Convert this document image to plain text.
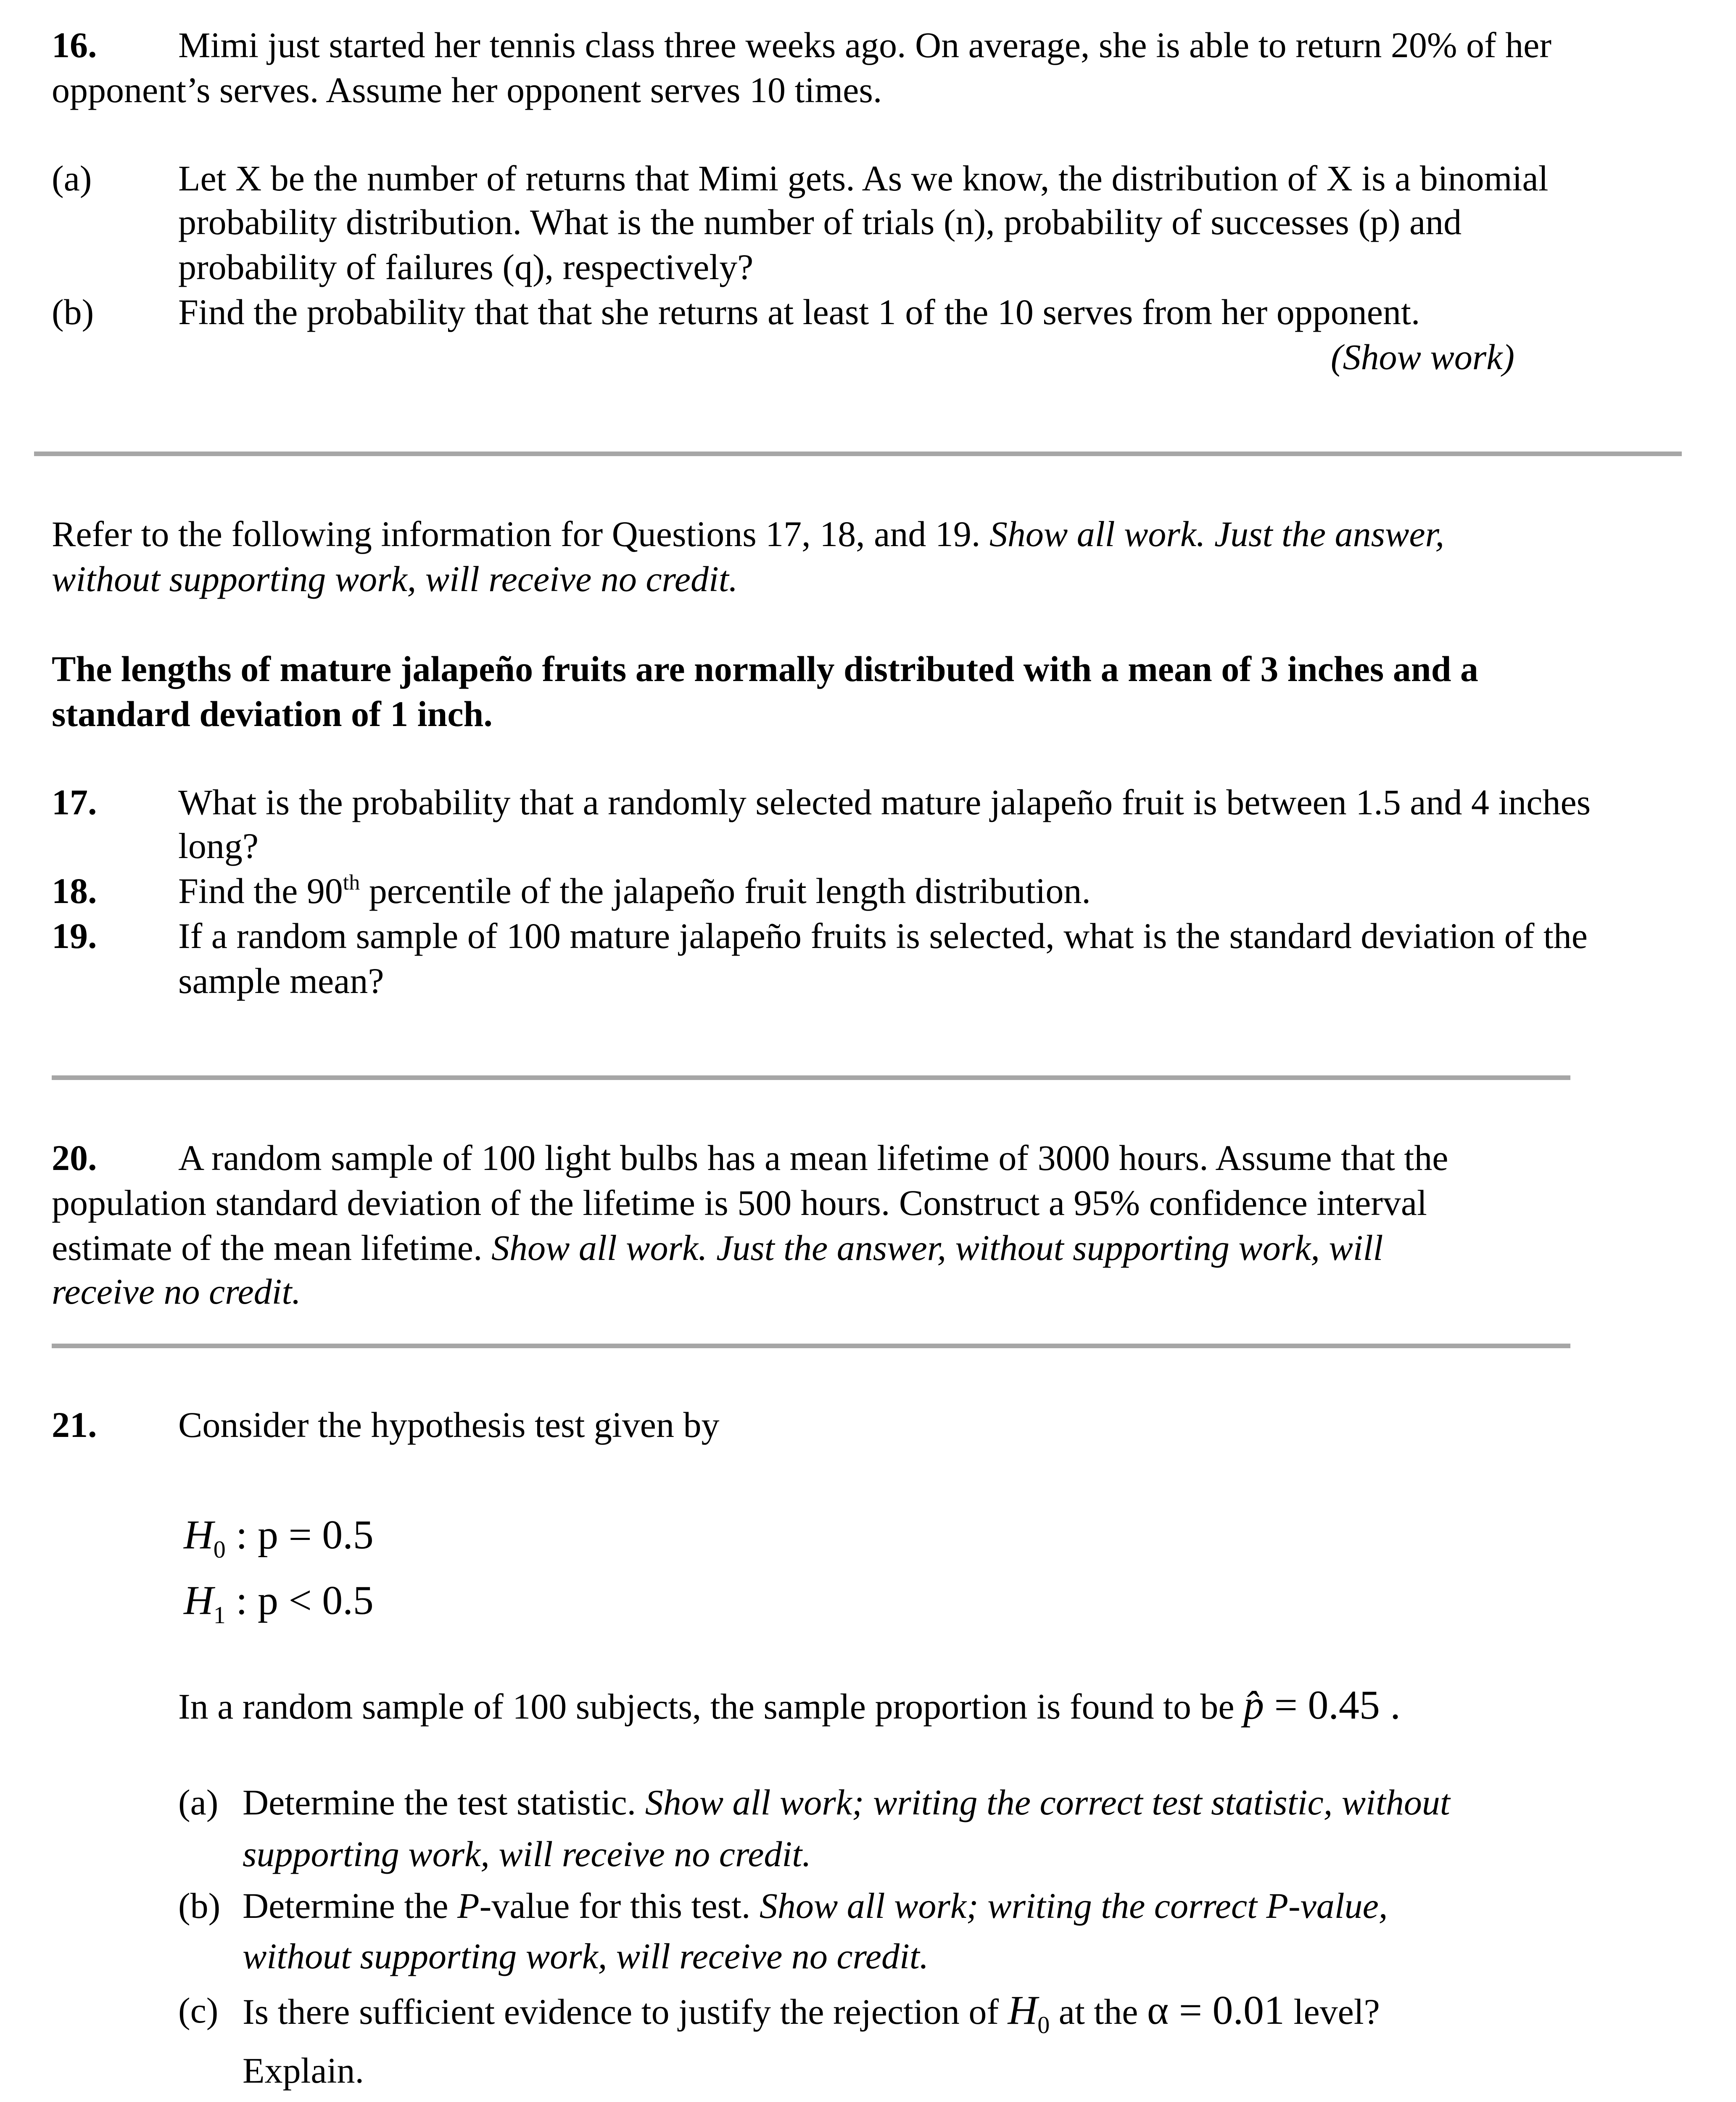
16. Mimi just started her tennis class three weeks ago. On average, she is able to return 20% of her
opponent’s serves. Assume her opponent serves 10 times.
(a) Let X be the number of returns that Mimi gets. As we know, the distribution of X is a binomial
probability distribution. What is the number of trials (n), probability of successes (p) and
probability of failures (q), respectively?
(b) Find the probability that that she returns at least 1 of the 10 serves from her opponent.
(Show work)
Refer to the following information for Questions 17, 18, and 19. Show all work. Just the answer,
without supporting work, will receive no credit.
The lengths of mature jalapeño fruits are normally distributed with a mean of 3 inches and a
standard deviation of 1 inch.
17. What is the probability that a randomly selected mature jalapeño fruit is between 1.5 and 4 inches
long?
18. Find the 90th percentile of the jalapeño fruit length distribution.
19. If a random sample of 100 mature jalapeño fruits is selected, what is the standard deviation of the
sample mean?
20. A random sample of 100 light bulbs has a mean lifetime of 3000 hours. Assume that the
population standard deviation of the lifetime is 500 hours. Construct a 95% confidence interval
estimate of the mean lifetime. Show all work. Just the answer, without supporting work, will
receive no credit.
21. Consider the hypothesis test given by
$H_0$ : p = 0.5
$H_1$ : p < 0.5
In a random sample of 100 subjects, the sample proportion is found to be p̂ = 0.45 .
(a) Determine the test statistic. Show all work; writing the correct test statistic, without
supporting work, will receive no credit.
(b) Determine the P-value for this test. Show all work; writing the correct P-value,
without supporting work, will receive no credit.
(c) Is there sufficient evidence to justify the rejection of $H_0$ at the α = 0.01 level?
Explain.
